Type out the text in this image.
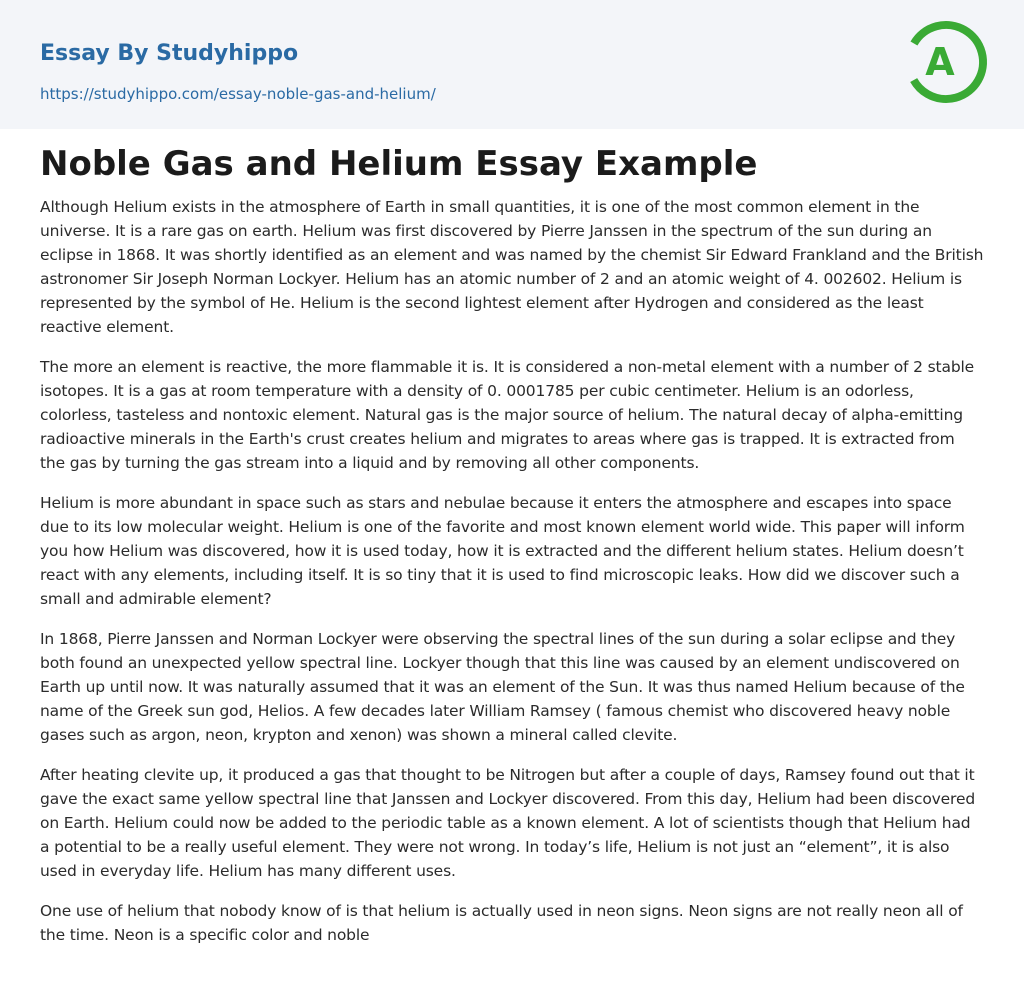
Essay By Studyhippo
https://studyhippo.com/essay-noble-gas-and-helium/
A
Noble Gas and Helium Essay Example

Although Helium exists in the atmosphere of Earth in small quantities, it is one of the most common element in the universe. It is a rare gas on earth. Helium was first discovered by Pierre Janssen in the spectrum of the sun during an eclipse in 1868. It was shortly identified as an element and was named by the chemist Sir Edward Frankland and the British astronomer Sir Joseph Norman Lockyer. Helium has an atomic number of 2 and an atomic weight of 4. 002602. Helium is represented by the symbol of He. Helium is the second lightest element after Hydrogen and considered as the least reactive element.

The more an element is reactive, the more flammable it is. It is considered a non-metal element with a number of 2 stable isotopes. It is a gas at room temperature with a density of 0. 0001785 per cubic centimeter. Helium is an odorless, colorless, tasteless and nontoxic element. Natural gas is the major source of helium. The natural decay of alpha-emitting radioactive minerals in the Earth's crust creates helium and migrates to areas where gas is trapped. It is extracted from the gas by turning the gas stream into a liquid and by removing all other components.

Helium is more abundant in space such as stars and nebulae because it enters the atmosphere and escapes into space due to its low molecular weight. Helium is one of the favorite and most known element world wide. This paper will inform you how Helium was discovered, how it is used today, how it is extracted and the different helium states. Helium doesn’t react with any elements, including itself. It is so tiny that it is used to find microscopic leaks. How did we discover such a small and admirable element?

In 1868, Pierre Janssen and Norman Lockyer were observing the spectral lines of the sun during a solar eclipse and they both found an unexpected yellow spectral line. Lockyer though that this line was caused by an element undiscovered on Earth up until now. It was naturally assumed that it was an element of the Sun. It was thus named Helium because of the name of the Greek sun god, Helios. A few decades later William Ramsey ( famous chemist who discovered heavy noble gases such as argon, neon, krypton and xenon) was shown a mineral called clevite.

After heating clevite up, it produced a gas that thought to be Nitrogen but after a couple of days, Ramsey found out that it gave the exact same yellow spectral line that Janssen and Lockyer discovered. From this day, Helium had been discovered on Earth. Helium could now be added to the periodic table as a known element. A lot of scientists though that Helium had a potential to be a really useful element. They were not wrong. In today’s life, Helium is not just an “element”, it is also used in everyday life. Helium has many different uses.

One use of helium that nobody know of is that helium is actually used in neon signs. Neon signs are not really neon all of the time. Neon is a specific color and noble
